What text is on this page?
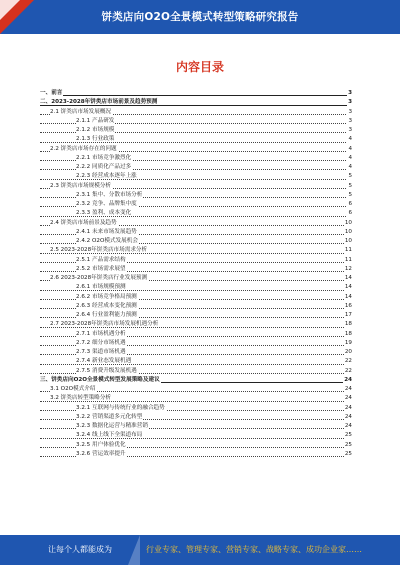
饼类店向O2O全景模式转型策略研究报告
内容目录
一、前言	3
二、2023-2028年饼类店市场前景及趋势预测	3
2.1 饼类店市场发展概况	3
2.1.1 产品研发	3
2.1.2 市场规模	3
2.1.3 行业政策	4
2.2 饼类店市场存在的问题	4
2.2.1 市场竞争激烈化	4
2.2.2 同质化产品过多	4
2.2.3 经营成本逐年上涨	5
2.3 饼类店市场规模分析	5
2.3.1 集中、分散市场分析	5
2.3.2 竞争、品牌集中度	6
2.3.3 盈利、成本变化	6
2.4 饼类店市场前景及趋势	10
2.4.1 未来市场发展趋势	10
2.4.2 O2O模式发展机会	10
2.5 2023-2028年饼类店市场需求分析	11
2.5.1 产品需求结构	11
2.5.2 市场需求展望	12
2.6 2023-2028年饼类店行业发展预测	14
2.6.1 市场规模预测	14
2.6.2 市场竞争格局预测	14
2.6.3 经营成本变化预测	16
2.6.4 行业盈利能力预测	17
2.7 2023-2028年饼类店市场发展机遇分析	18
2.7.1 市场机遇分析	18
2.7.2 细分市场机遇	19
2.7.3 渠道市场机遇	20
2.7.4 新业态发展机遇	22
2.7.5 消费升级发展机遇	22
三、饼类店向O2O全景模式转型发展策略及建议	24
3.1 O2O模式介绍	24
3.2 饼类店转型策略分析	24
3.2.1 互联网与传统行业的融合趋势	24
3.2.2 营销渠道多元化转型	24
3.2.3 数据化运营与精准营销	24
3.2.4 线上线下全渠道布局	25
3.2.5 用户体验优化	25
3.2.6 营运效率提升	25
让每个人都能成为	行业专家、管理专家、营销专家、战略专家、成功企业家……
